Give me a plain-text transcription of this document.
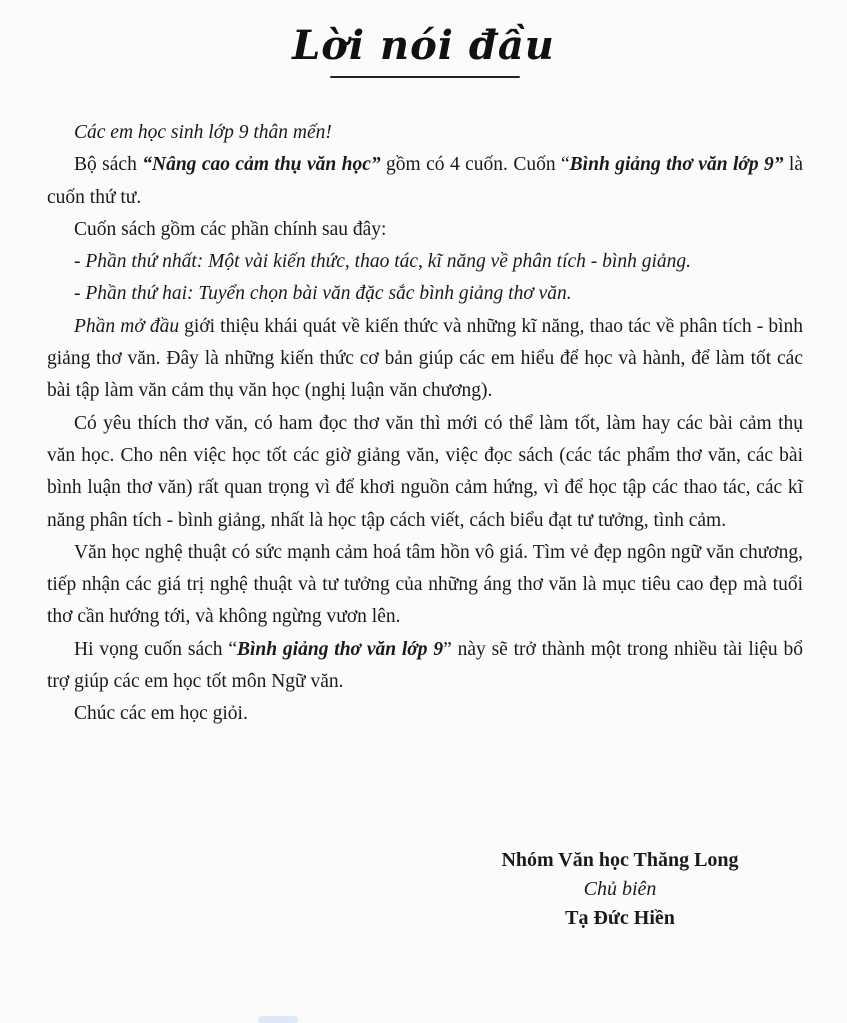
Lời nói đầu

Các em học sinh lớp 9 thân mến!

Bộ sách “Nâng cao cảm thụ văn học” gồm có 4 cuốn. Cuốn “Bình giảng thơ văn lớp 9” là cuốn thứ tư.

Cuốn sách gồm các phần chính sau đây:

- Phần thứ nhất: Một vài kiến thức, thao tác, kĩ năng về phân tích - bình giảng.

- Phần thứ hai: Tuyển chọn bài văn đặc sắc bình giảng thơ văn.

Phần mở đầu giới thiệu khái quát về kiến thức và những kĩ năng, thao tác về phân tích - bình giảng thơ văn. Đây là những kiến thức cơ bản giúp các em hiểu để học và hành, để làm tốt các bài tập làm văn cảm thụ văn học (nghị luận văn chương).

Có yêu thích thơ văn, có ham đọc thơ văn thì mới có thể làm tốt, làm hay các bài cảm thụ văn học. Cho nên việc học tốt các giờ giảng văn, việc đọc sách (các tác phẩm thơ văn, các bài bình luận thơ văn) rất quan trọng vì để khơi nguồn cảm hứng, vì để học tập các thao tác, các kĩ năng phân tích - bình giảng, nhất là học tập cách viết, cách biểu đạt tư tưởng, tình cảm.

Văn học nghệ thuật có sức mạnh cảm hoá tâm hồn vô giá. Tìm vẻ đẹp ngôn ngữ văn chương, tiếp nhận các giá trị nghệ thuật và tư tưởng của những áng thơ văn là mục tiêu cao đẹp mà tuổi thơ cần hướng tới, và không ngừng vươn lên.

Hi vọng cuốn sách “Bình giảng thơ văn lớp 9” này sẽ trở thành một trong nhiều tài liệu bổ trợ giúp các em học tốt môn Ngữ văn.

Chúc các em học giỏi.

Nhóm Văn học Thăng Long
Chủ biên
Tạ Đức Hiền
